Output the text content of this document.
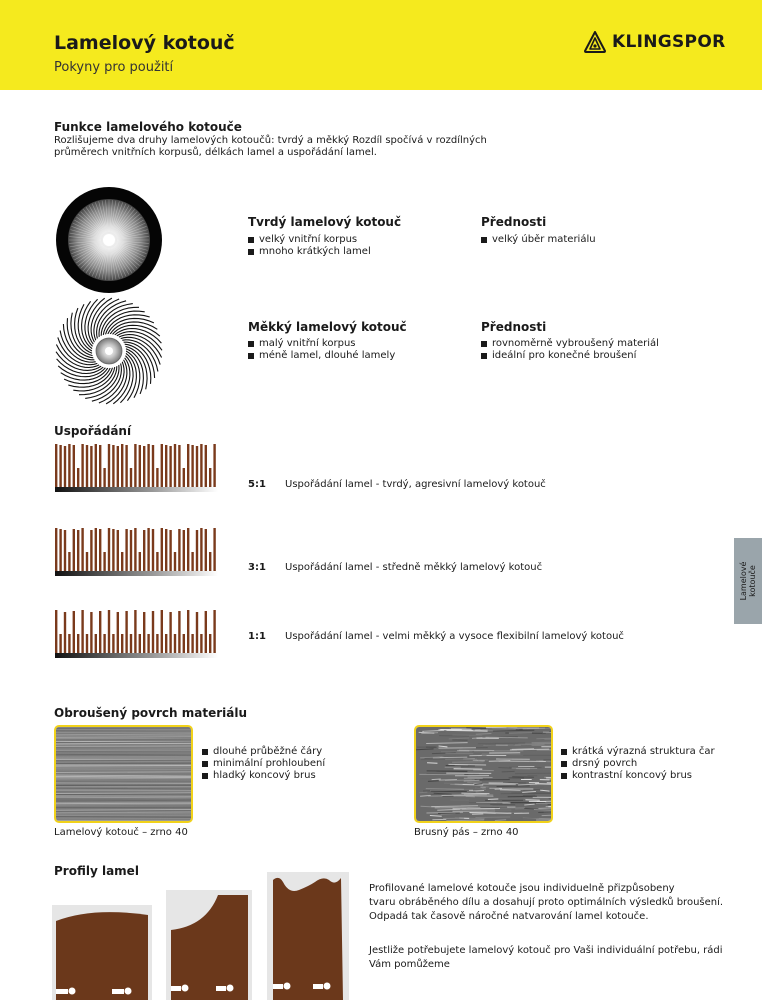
Lamelový kotouč
Pokyny pro použití
KLINGSPOR
Funkce lamelového kotouče
Rozlišujeme dva druhy lamelových kotoučů: tvrdý a měkký Rozdíl spočívá v rozdílných
průměrech vnitřních korpusů, délkách lamel a uspořádání lamel.
Tvrdý lamelový kotouč
velký vnitřní korpus
mnoho krátkých lamel
Přednosti
velký úběr materiálu
Měkký lamelový kotouč
malý vnitřní korpus
méně lamel, dlouhé lamely
Přednosti
rovnoměrně vybroušený materiál
ideální pro konečné broušení
Uspořádání
5:1 Uspořádání lamel - tvrdý, agresivní lamelový kotouč
3:1 Uspořádání lamel - středně měkký lamelový kotouč
1:1 Uspořádání lamel - velmi měkký a vysoce flexibilní lamelový kotouč
Lamelové kotouče
Obroušený povrch materiálu
dlouhé průběžné čáry
minimální prohloubení
hladký koncový brus
Lamelový kotouč – zrno 40
krátká výrazná struktura čar
drsný povrch
kontrastní koncový brus
Brusný pás – zrno 40
Profily lamel
Profilované lamelové kotouče jsou individuelně přizpůsobeny
tvaru obráběného dílu a dosahují proto optimálních výsledků broušení.
Odpadá tak časově náročné natvarování lamel kotouče.
Jestliže potřebujete lamelový kotouč pro Vaši individuální potřebu, rádi
Vám pomůžeme
